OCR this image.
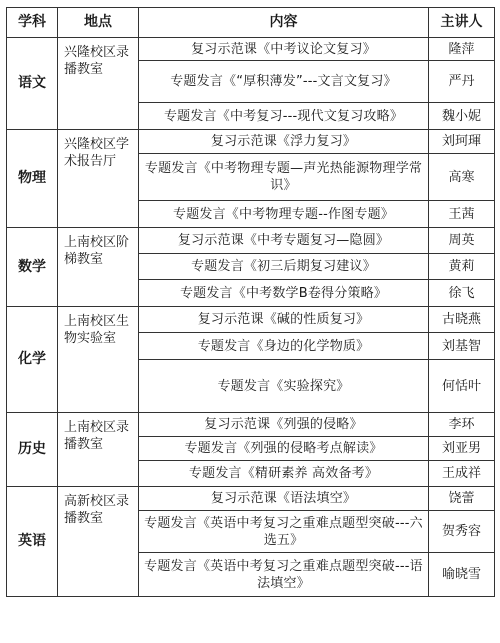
学科	地点	内容	主讲人
语文	兴隆校区录播教室	复习示范课《中考议论文复习》	隆萍
		专题发言《“厚积薄发”---文言文复习》	严丹
		专题发言《中考复习---现代文复习攻略》	魏小妮
物理	兴隆校区学术报告厅	复习示范课《浮力复习》	刘珂琿
		专题发言《中考物理专题—声光热能源物理学常识》	高寒
		专题发言《中考物理专题--作图专题》	王茜
数学	上南校区阶梯教室	复习示范课《中考专题复习—隐圆》	周英
		专题发言《初三后期复习建议》	黄莉
		专题发言《中考数学B卷得分策略》	徐飞
化学	上南校区生物实验室	复习示范课《碱的性质复习》	古晓燕
		专题发言《身边的化学物质》	刘基智
		专题发言《实验探究》	何恬叶
历史	上南校区录播教室	复习示范课《列强的侵略》	李环
		专题发言《列强的侵略考点解读》	刘亚男
		专题发言《精研素养 高效备考》	王成祥
英语	高新校区录播教室	复习示范课《语法填空》	饶蕾
		专题发言《英语中考复习之重难点题型突破---六选五》	贺秀容
		专题发言《英语中考复习之重难点题型突破---语法填空》	喻晓雪
